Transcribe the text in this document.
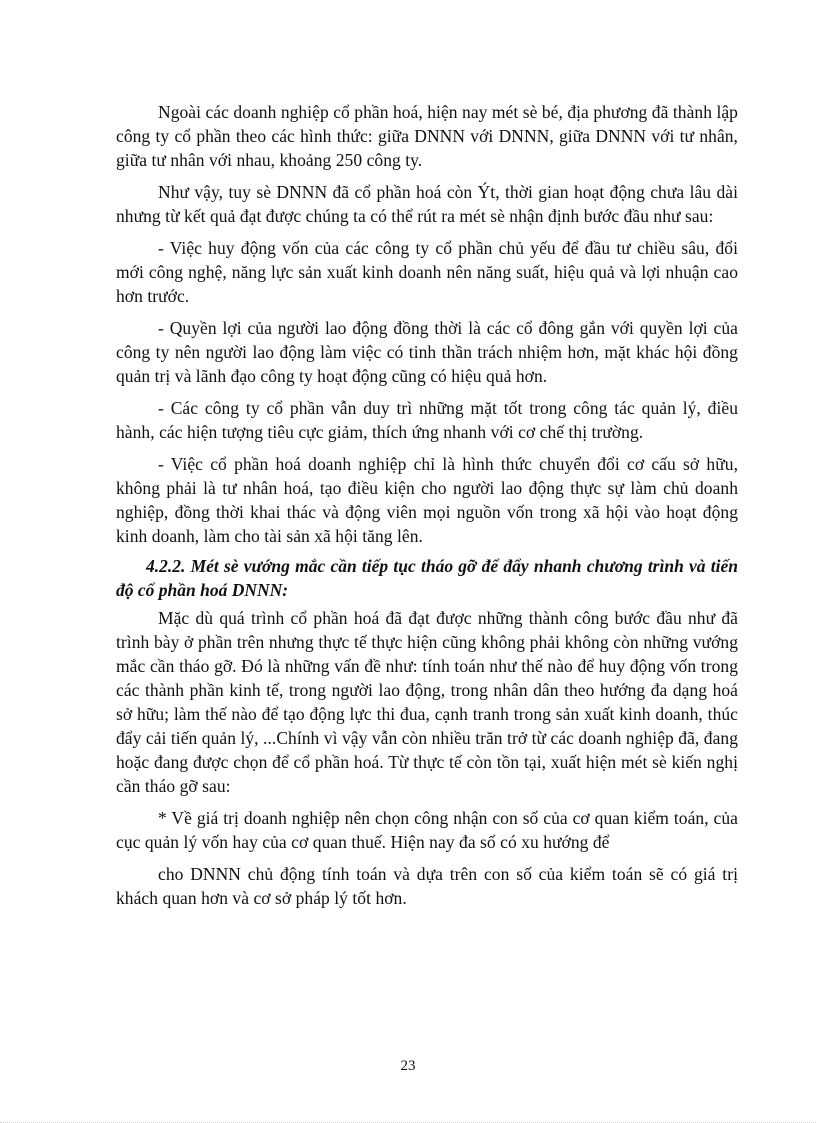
Ngoài các doanh nghiệp cổ phần hoá, hiện nay mét sè bé, địa phương đã thành lập công ty cổ phần theo các hình thức: giữa DNNN với DNNN, giữa DNNN với tư nhân, giữa tư nhân với nhau, khoảng 250 công ty.

Như vậy, tuy sè DNNN đã cổ phần hoá còn Ýt, thời gian hoạt động chưa lâu dài nhưng từ kết quả đạt được chúng ta có thể rút ra mét sè nhận định bước đầu như sau:

- Việc huy động vốn của các công ty cổ phần chủ yếu để đầu tư chiều sâu, đổi mới công nghệ, năng lực sản xuất kinh doanh nên năng suất, hiệu quả và lợi nhuận cao hơn trước.

- Quyền lợi của người lao động đồng thời là các cổ đông gắn với quyền lợi của công ty nên người lao động làm việc có tinh thần trách nhiệm hơn, mặt khác hội đồng quản trị và lãnh đạo công ty hoạt động cũng có hiệu quả hơn.

- Các công ty cổ phần vẫn duy trì những mặt tốt trong công tác quản lý, điều hành, các hiện tượng tiêu cực giảm, thích ứng nhanh với cơ chế thị trường.

- Việc cổ phần hoá doanh nghiệp chỉ là hình thức chuyển đổi cơ cấu sở hữu, không phải là tư nhân hoá, tạo điều kiện cho người lao động thực sự làm chủ doanh nghiệp, đồng thời khai thác và động viên mọi nguồn vốn trong xã hội vào hoạt động kinh doanh, làm cho tài sản xã hội tăng lên.

4.2.2. Mét sè vướng mắc cần tiếp tục tháo gỡ để đẩy nhanh chương trình và tiến độ cổ phần hoá DNNN:

Mặc dù quá trình cổ phần hoá đã đạt được những thành công bước đầu như đã trình bày ở phần trên nhưng thực tế thực hiện cũng không phải không còn những vướng mắc cần tháo gỡ. Đó là những vấn đề như: tính toán như thế nào để huy động vốn trong các thành phần kinh tế, trong người lao động, trong nhân dân theo hướng đa dạng hoá sở hữu; làm thế nào để tạo động lực thi đua, cạnh tranh trong sản xuất kinh doanh, thúc đẩy cải tiến quản lý, ...Chính vì vậy vẫn còn nhiều trăn trở từ các doanh nghiệp đã, đang hoặc đang được chọn để cổ phần hoá. Từ thực tế còn tồn tại, xuất hiện mét sè kiến nghị cần tháo gỡ sau:

* Về giá trị doanh nghiệp nên chọn công nhận con số của cơ quan kiểm toán, của cục quản lý vốn hay của cơ quan thuế. Hiện nay đa số có xu hướng để

cho DNNN chủ động tính toán và dựa trên con số của kiểm toán sẽ có giá trị khách quan hơn và cơ sở pháp lý tốt hơn.

23
